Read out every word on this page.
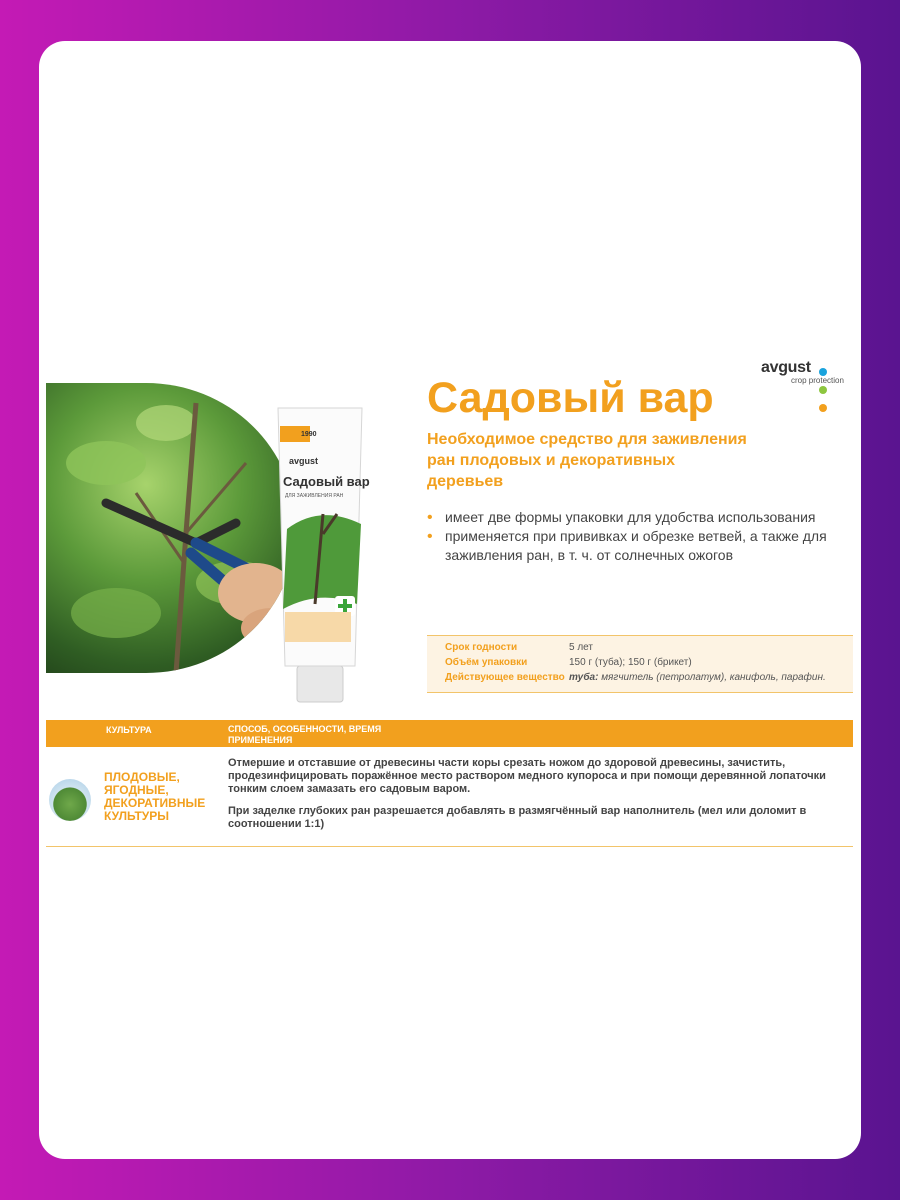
avgust
crop protection
1990
avgust
Садовый вар
ДЛЯ ЗАЖИВЛЕНИЯ РАН
Садовый вар
Необходимое средство для заживления ран плодовых и декоративных деревьев
• имеет две формы упаковки для удобства использования
• применяется при прививках и обрезке ветвей, а также для заживления ран, в т. ч. от солнечных ожогов
Срок годности	5 лет
Объём упаковки	150 г (туба); 150 г (брикет)
Действующее вещество туба: мягчитель (петролатум), канифоль, парафин.
КУЛЬТУРА	СПОСОБ, ОСОБЕННОСТИ, ВРЕМЯ ПРИМЕНЕНИЯ
ПЛОДОВЫЕ, ЯГОДНЫЕ, ДЕКОРАТИВНЫЕ КУЛЬТУРЫ

Отмершие и отставшие от древесины части коры срезать ножом до здоровой древесины, зачистить, продезинфицировать поражённое место раствором медного купороса и при помощи деревянной лопаточки тонким слоем замазать его садовым варом.

При заделке глубоких ран разрешается добавлять в размягчённый вар наполнитель (мел или доломит в соотношении 1:1)
